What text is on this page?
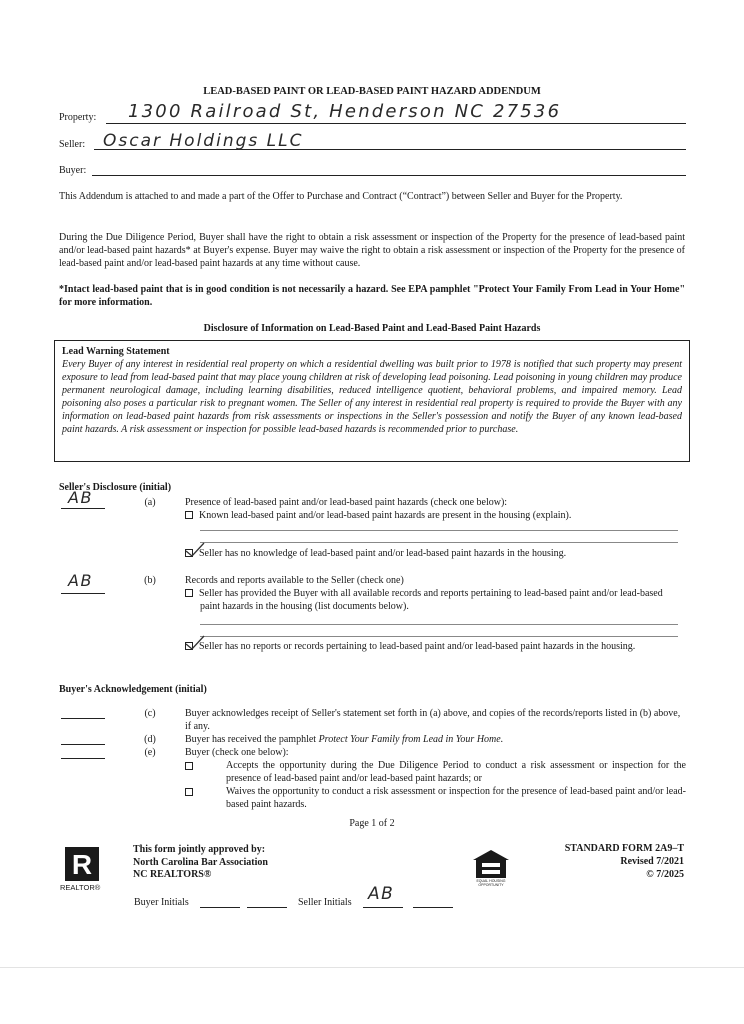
LEAD-BASED PAINT OR LEAD-BASED PAINT HAZARD ADDENDUM
Property: 1300 Railroad St, Henderson NC 27536
Seller: Oscar Holdings LLC
Buyer:
This Addendum is attached to and made a part of the Offer to Purchase and Contract (“Contract”) between Seller and Buyer for the Property.
During the Due Diligence Period, Buyer shall have the right to obtain a risk assessment or inspection of the Property for the presence of lead-based paint and/or lead-based paint hazards* at Buyer's expense. Buyer may waive the right to obtain a risk assessment or inspection of the Property for the presence of lead-based paint and/or lead-based paint hazards at any time without cause.
*Intact lead-based paint that is in good condition is not necessarily a hazard. See EPA pamphlet "Protect Your Family From Lead in Your Home" for more information.
Disclosure of Information on Lead-Based Paint and Lead-Based Paint Hazards
Lead Warning Statement
Every Buyer of any interest in residential real property on which a residential dwelling was built prior to 1978 is notified that such property may present exposure to lead from lead-based paint that may place young children at risk of developing lead poisoning. Lead poisoning in young children may produce permanent neurological damage, including learning disabilities, reduced intelligence quotient, behavioral problems, and impaired memory. Lead poisoning also poses a particular risk to pregnant women. The Seller of any interest in residential real property is required to provide the Buyer with any information on lead-based paint hazards from risk assessments or inspections in the Seller's possession and notify the Buyer of any known lead-based paint hazards. A risk assessment or inspection for possible lead-based hazards is recommended prior to purchase.
Seller's Disclosure (initial)
AB	(a)	Presence of lead-based paint and/or lead-based paint hazards (check one below):
Known lead-based paint and/or lead-based paint hazards are present in the housing (explain).
Seller has no knowledge of lead-based paint and/or lead-based paint hazards in the housing.
AB	(b)	Records and reports available to the Seller (check one)
Seller has provided the Buyer with all available records and reports pertaining to lead-based paint and/or lead-based paint hazards in the housing (list documents below).
Seller has no reports or records pertaining to lead-based paint and/or lead-based paint hazards in the housing.
Buyer's Acknowledgement (initial)
(c)	Buyer acknowledges receipt of Seller's statement set forth in (a) above, and copies of the records/reports listed in (b) above, if any.
(d)	Buyer has received the pamphlet Protect Your Family from Lead in Your Home.
(e)	Buyer (check one below):
Accepts the opportunity during the Due Diligence Period to conduct a risk assessment or inspection for the presence of lead-based paint and/or lead-based paint hazards; or
Waives the opportunity to conduct a risk assessment or inspection for the presence of lead-based paint and/or lead-based paint hazards.
Page 1 of 2
R
REALTOR®
This form jointly approved by:
North Carolina Bar Association
NC REALTORS®
EQUAL HOUSING OPPORTUNITY
STANDARD FORM 2A9–T
Revised 7/2021
© 7/2025
Buyer Initials	Seller Initials AB
